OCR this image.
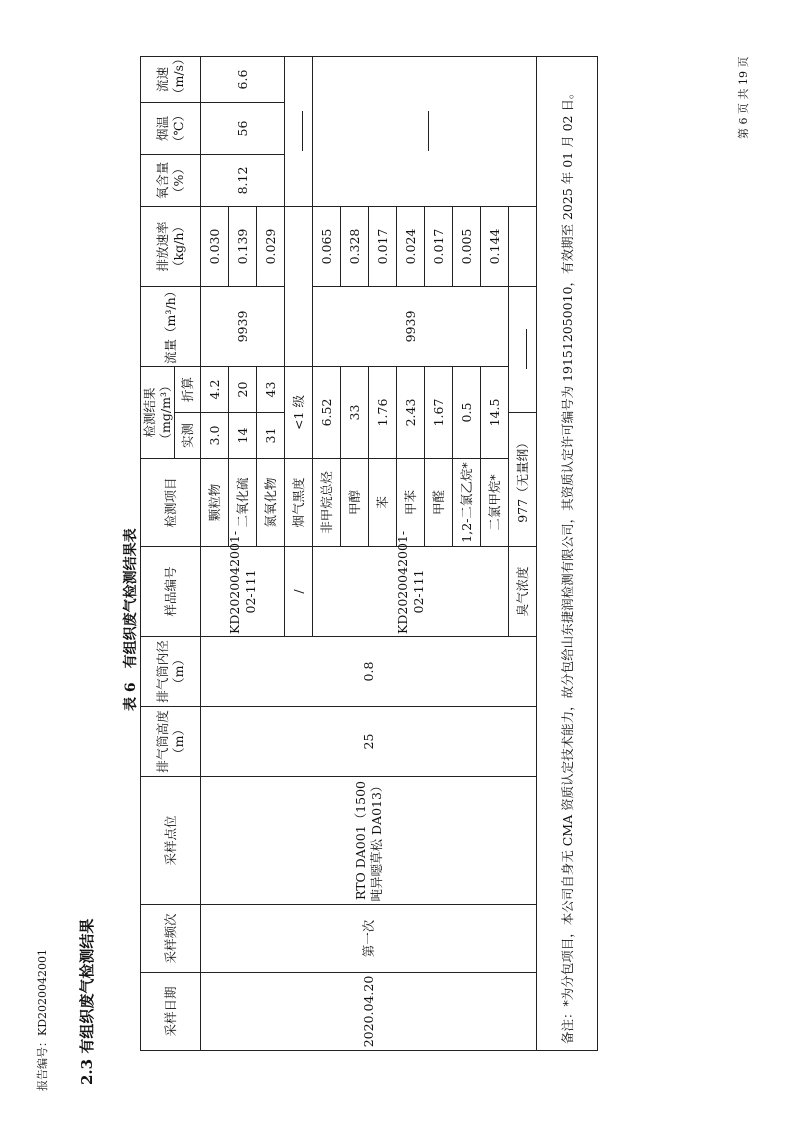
报告编号：KD2020042001
第 6 页 共 19 页
2.3 有组织废气检测结果
表 6有组织废气检测结果表
采样日期	采样频次	采样点位	排气筒高度（m）	排气筒内径（m）	样品编号	检测项目	检测结果（mg/m³）		流量（m³/h）	排放速率（kg/h）	氧含量（%）	烟温（℃）	流速（m/s）
							实测	折算					
2020.04.20	第一次	RTO DA001（1500 吨异噁草松 DA013）	25	0.8	KD2020042001-02-111	颗粒物	3.0	4.2	9939	0.030	8.12	56	6.6
						二氧化硫	14	20		0.139			
						氮氧化物	31	43		0.029			
					/	烟气黑度	<1 级						
					KD2020042001-02-111	非甲烷总烃	6.52		9939	0.065			
						甲醇	33			0.328			
						苯	1.76			0.017			
						甲苯	2.43			0.024			
						甲醛	1.67			0.017			
						1,2-二氯乙烷*	0.5			0.005			
						二氯甲烷*	14.5			0.144			
					臭气浓度	977（无量纲）							
备注：*为分包项目，本公司自身无 CMA 资质认定技术能力，故分包给山东捷润检测有限公司，其资质认定许可编号为 191512050010，有效期至 2025 年 01 月 02 日。													
